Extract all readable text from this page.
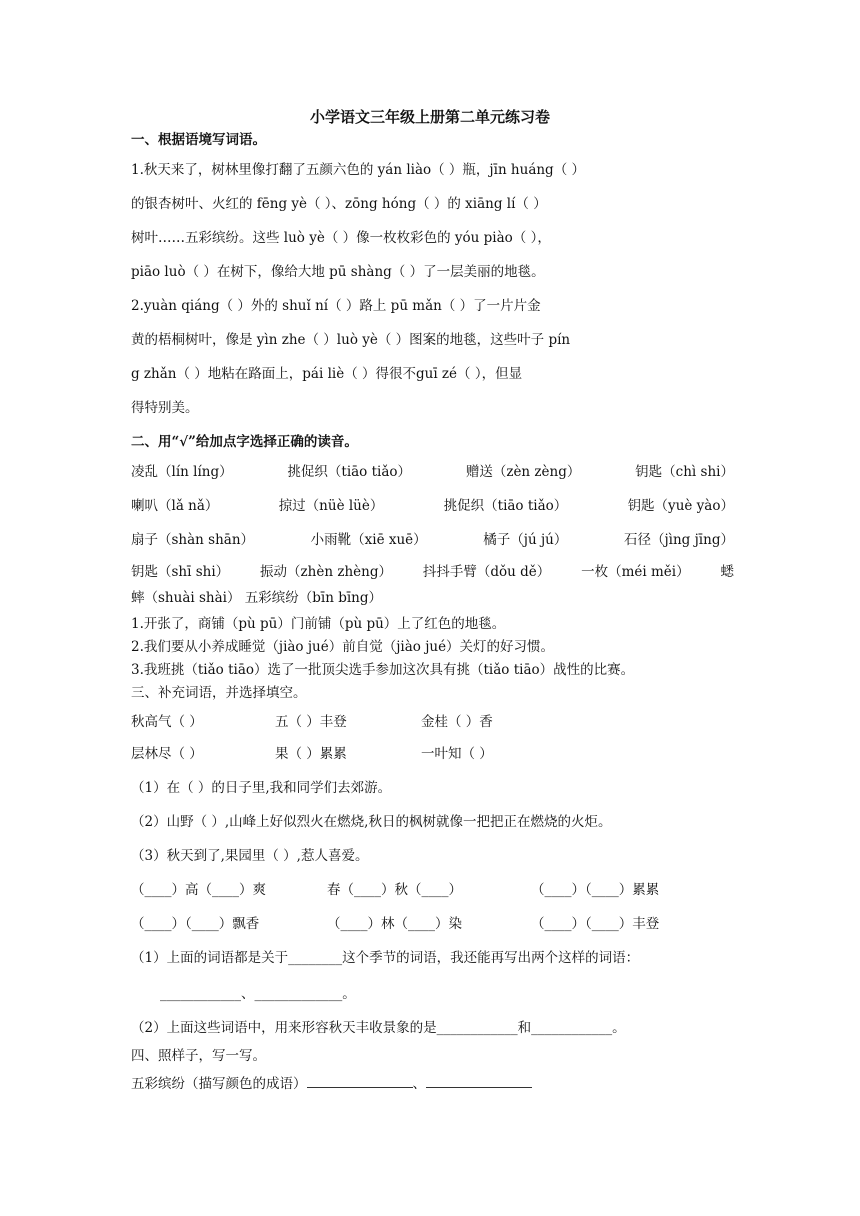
小学语文三年级上册第二单元练习卷
一、根据语境写词语。
1.秋天来了，树林里像打翻了五颜六色的 yán liào（ ）瓶，jīn huáng（ ）
的银杏树叶、火红的 fēng yè（ ）、zōng hóng（ ）的 xiāng lí（ ）
树叶……五彩缤纷。这些 luò yè（ ）像一枚枚彩色的 yóu piào（ ），
piāo luò（ ）在树下，像给大地 pū shàng（ ）了一层美丽的地毯。
2.yuàn qiáng（ ）外的 shuǐ ní（ ）路上 pū mǎn（ ）了一片片金
黄的梧桐树叶，像是 yìn zhe（ ）luò yè（ ）图案的地毯，这些叶子 pín
g zhǎn（ ）地粘在路面上，pái liè（ ）得很不guī zé（ ），但显
得特别美。
二、用“√”给加点字选择正确的读音。
凌乱（lín líng）	挑促织（tiāo tiǎo）	赠送（zèn zèng）	钥匙（chì shi）
喇叭（lǎ nǎ）	掠过（nüè lüè）	挑促织（tiāo tiǎo）	钥匙（yuè yào）
扇子（shàn shān）	小雨靴（xiē xuē）	橘子（jú jú）	石径（jìng jīng）
钥匙（shī shi） 振动（zhèn zhèng） 抖抖手臂（dǒu dě） 一枚（méi měi） 蟋
蟀（shuài shài） 五彩缤纷（bīn bīng）
1.开张了，商铺（pù pū）门前铺（pù pū）上了红色的地毯。
2.我们要从小养成睡觉（jiào jué）前自觉（jiào jué）关灯的好习惯。
3.我班挑（tiǎo tiāo）选了一批顶尖选手参加这次具有挑（tiǎo tiāo）战性的比赛。
三、补充词语，并选择填空。
秋高气（ ）	五（ ）丰登	金桂（ ）香
层林尽（ ）	果（ ）累累	一叶知（ ）
（1）在（ ）的日子里,我和同学们去郊游。
（2）山野（ ）,山峰上好似烈火在燃烧,秋日的枫树就像一把把正在燃烧的火炬。
（3）秋天到了,果园里（ ）,惹人喜爱。
（____）高（____）爽	春（____）秋（____）	（____）（____）累累
（____）（____）飘香	（____）林（____）染	（____）（____）丰登
（1）上面的词语都是关于________这个季节的词语，我还能再写出两个这样的词语：
____________、_____________。
（2）上面这些词语中，用来形容秋天丰收景象的是____________和____________。
四、照样子，写一写。
五彩缤纷（描写颜色的成语）	、
